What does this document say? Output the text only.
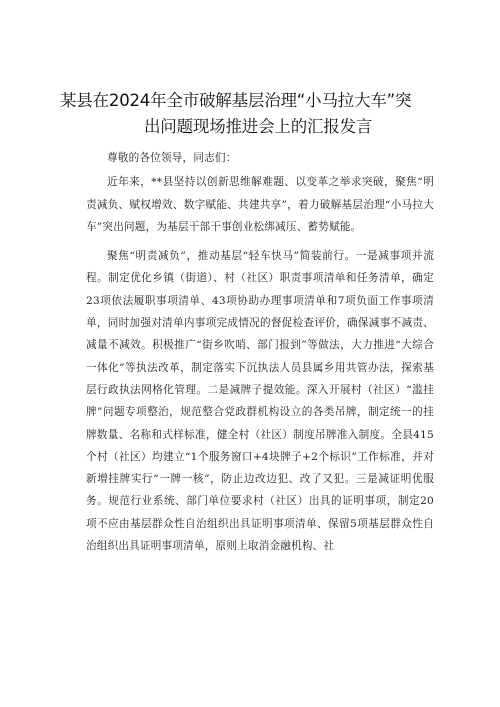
某县在2024年全市破解基层治理“小马拉大车”突
出问题现场推进会上的汇报发言

尊敬的各位领导，同志们：

近年来，**县坚持以创新思维解难题、以变革之举求突破，聚焦“明责减负、赋权增效、数字赋能、共建共享”，着力破解基层治理“小马拉大车”突出问题，为基层干部干事创业松绑减压、蓄势赋能。

聚焦“明责减负”，推动基层“轻车快马”简装前行。一是减事项并流程。制定优化乡镇（街道）、村（社区）职责事项清单和任务清单，确定23项依法履职事项清单、43项协助办理事项清单和7项负面工作事项清单，同时加强对清单内事项完成情况的督促检查评价，确保减事不减责、减量不减效。积极推广“街乡吹哨、部门报到”等做法，大力推进“大综合一体化”等执法改革，制定落实下沉执法人员县属乡用共管办法，探索基层行政执法网格化管理。二是减牌子提效能。深入开展村（社区）“滥挂牌”问题专项整治，规范整合党政群机构设立的各类吊牌，制定统一的挂牌数量、名称和式样标准，健全村（社区）制度吊牌准入制度。全县415个村（社区）均建立“1个服务窗口+4块牌子+2个标识”工作标准，并对新增挂牌实行“一牌一核”，防止边改边犯、改了又犯。三是减证明优服务。规范行业系统、部门单位要求村（社区）出具的证明事项，制定20项不应由基层群众性自治组织出具证明事项清单、保留5项基层群众性自治组织出具证明事项清单，原则上取消金融机构、社
